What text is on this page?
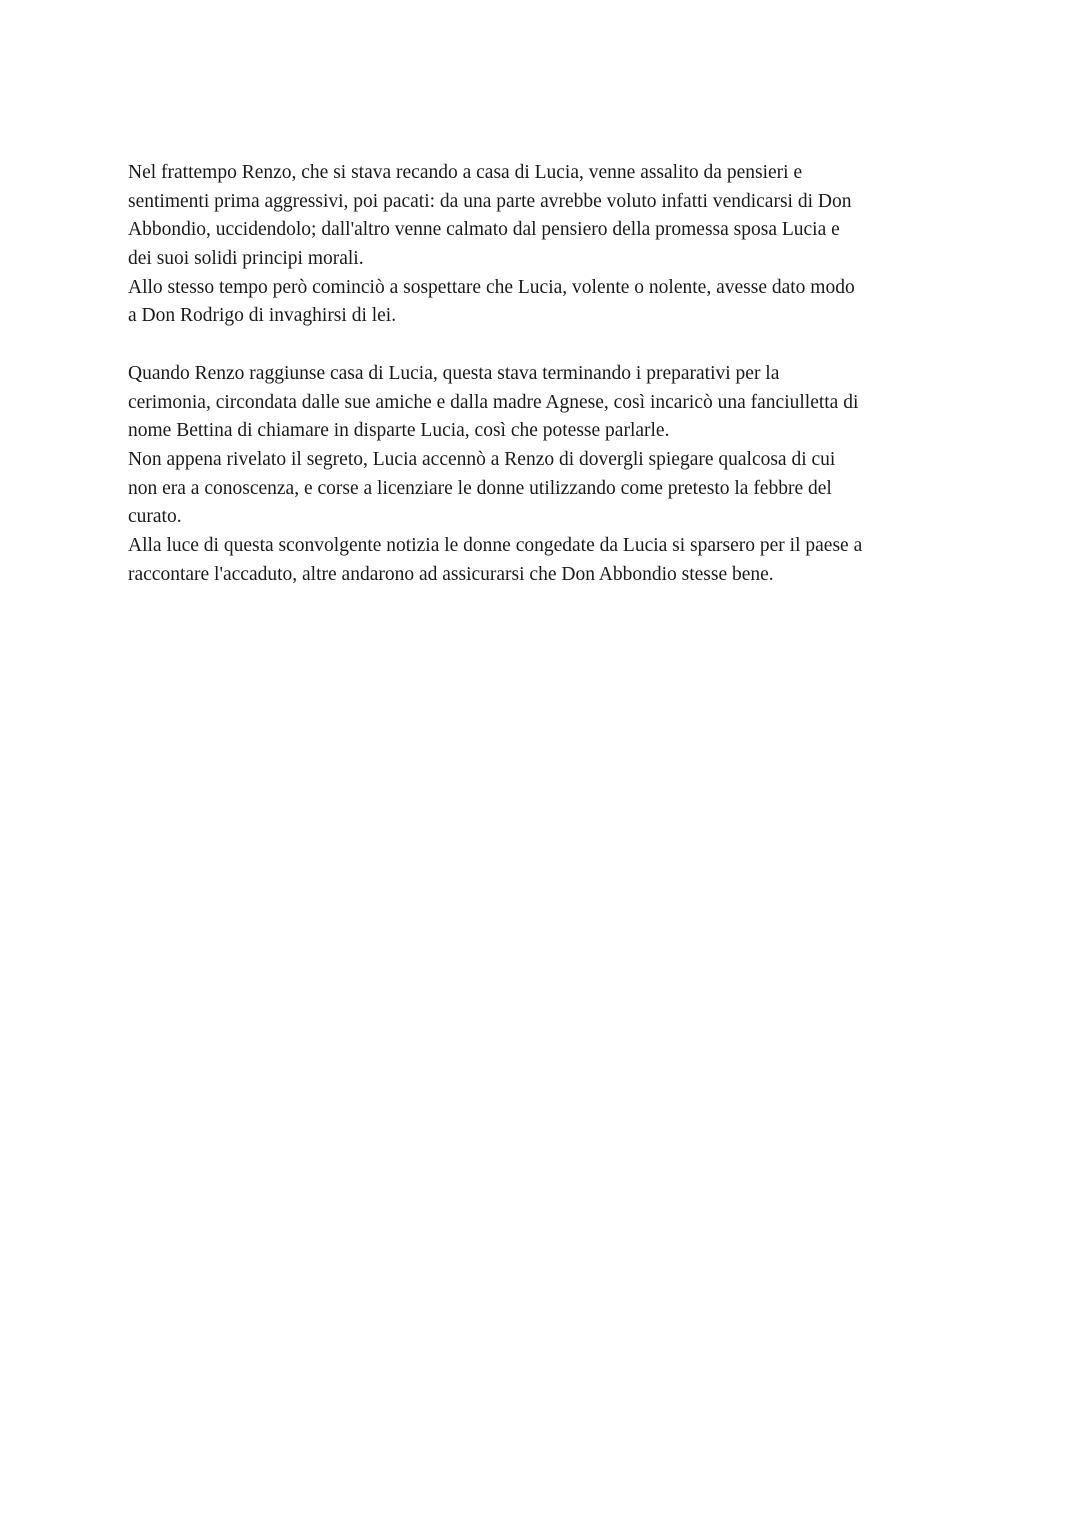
Nel frattempo Renzo, che si stava recando a casa di Lucia, venne assalito da pensieri e
sentimenti prima aggressivi, poi pacati: da una parte avrebbe voluto infatti vendicarsi di Don
Abbondio, uccidendolo; dall'altro venne calmato dal pensiero della promessa sposa Lucia e
dei suoi solidi principi morali.
Allo stesso tempo però cominciò a sospettare che Lucia, volente o nolente, avesse dato modo
a Don Rodrigo di invaghirsi di lei.
Quando Renzo raggiunse casa di Lucia, questa stava terminando i preparativi per la
cerimonia, circondata dalle sue amiche e dalla madre Agnese, così incaricò una fanciulletta di
nome Bettina di chiamare in disparte Lucia, così che potesse parlarle.
Non appena rivelato il segreto, Lucia accennò a Renzo di dovergli spiegare qualcosa di cui
non era a conoscenza, e corse a licenziare le donne utilizzando come pretesto la febbre del
curato.
Alla luce di questa sconvolgente notizia le donne congedate da Lucia si sparsero per il paese a
raccontare l'accaduto, altre andarono ad assicurarsi che Don Abbondio stesse bene.
